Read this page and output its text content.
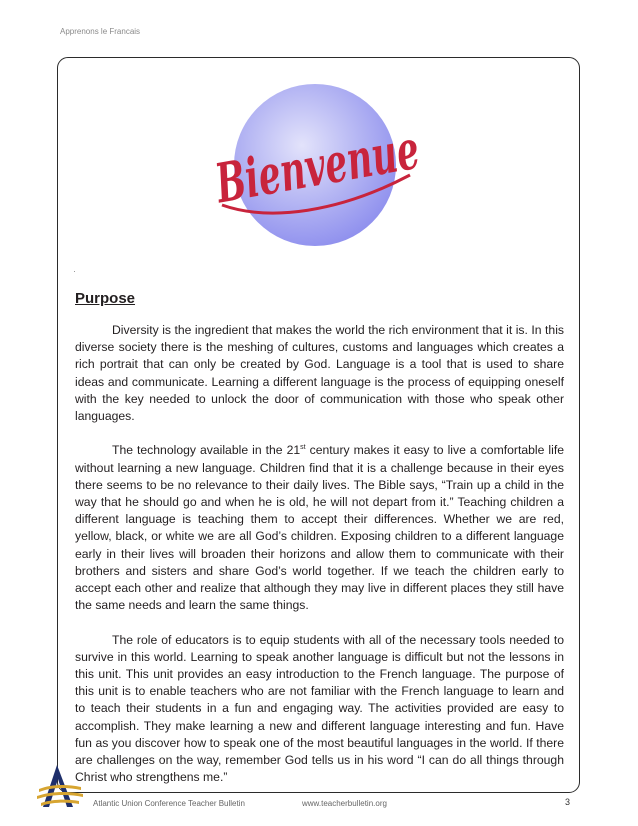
Apprenons le Francais
Bienvenue
Purpose

Diversity is the ingredient that makes the world the rich environment that it is. In this diverse society there is the meshing of cultures, customs and languages which creates a rich portrait that can only be created by God. Language is a tool that is used to share ideas and communicate. Learning a different language is the process of equipping oneself with the key needed to unlock the door of communication with those who speak other languages.

The technology available in the 21st century makes it easy to live a comfortable life without learning a new language. Children find that it is a challenge because in their eyes there seems to be no relevance to their daily lives. The Bible says, “Train up a child in the way that he should go and when he is old, he will not depart from it.” Teaching children a different language is teaching them to accept their differences. Whether we are red, yellow, black, or white we are all God’s children. Exposing children to a different language early in their lives will broaden their horizons and allow them to communicate with their brothers and sisters and share God’s world together. If we teach the children early to accept each other and realize that although they may live in different places they still have the same needs and learn the same things.

The role of educators is to equip students with all of the necessary tools needed to survive in this world. Learning to speak another language is difficult but not the lessons in this unit. This unit provides an easy introduction to the French language. The purpose of this unit is to enable teachers who are not familiar with the French language to learn and to teach their students in a fun and engaging way. The activities provided are easy to accomplish. They make learning a new and different language interesting and fun. Have fun as you discover how to speak one of the most beautiful languages in the world. If there are challenges on the way, remember God tells us in his word “I can do all things through Christ who strengthens me.”

Atlantic Union Conference Teacher Bulletin	www.teacherbulletin.org	3
